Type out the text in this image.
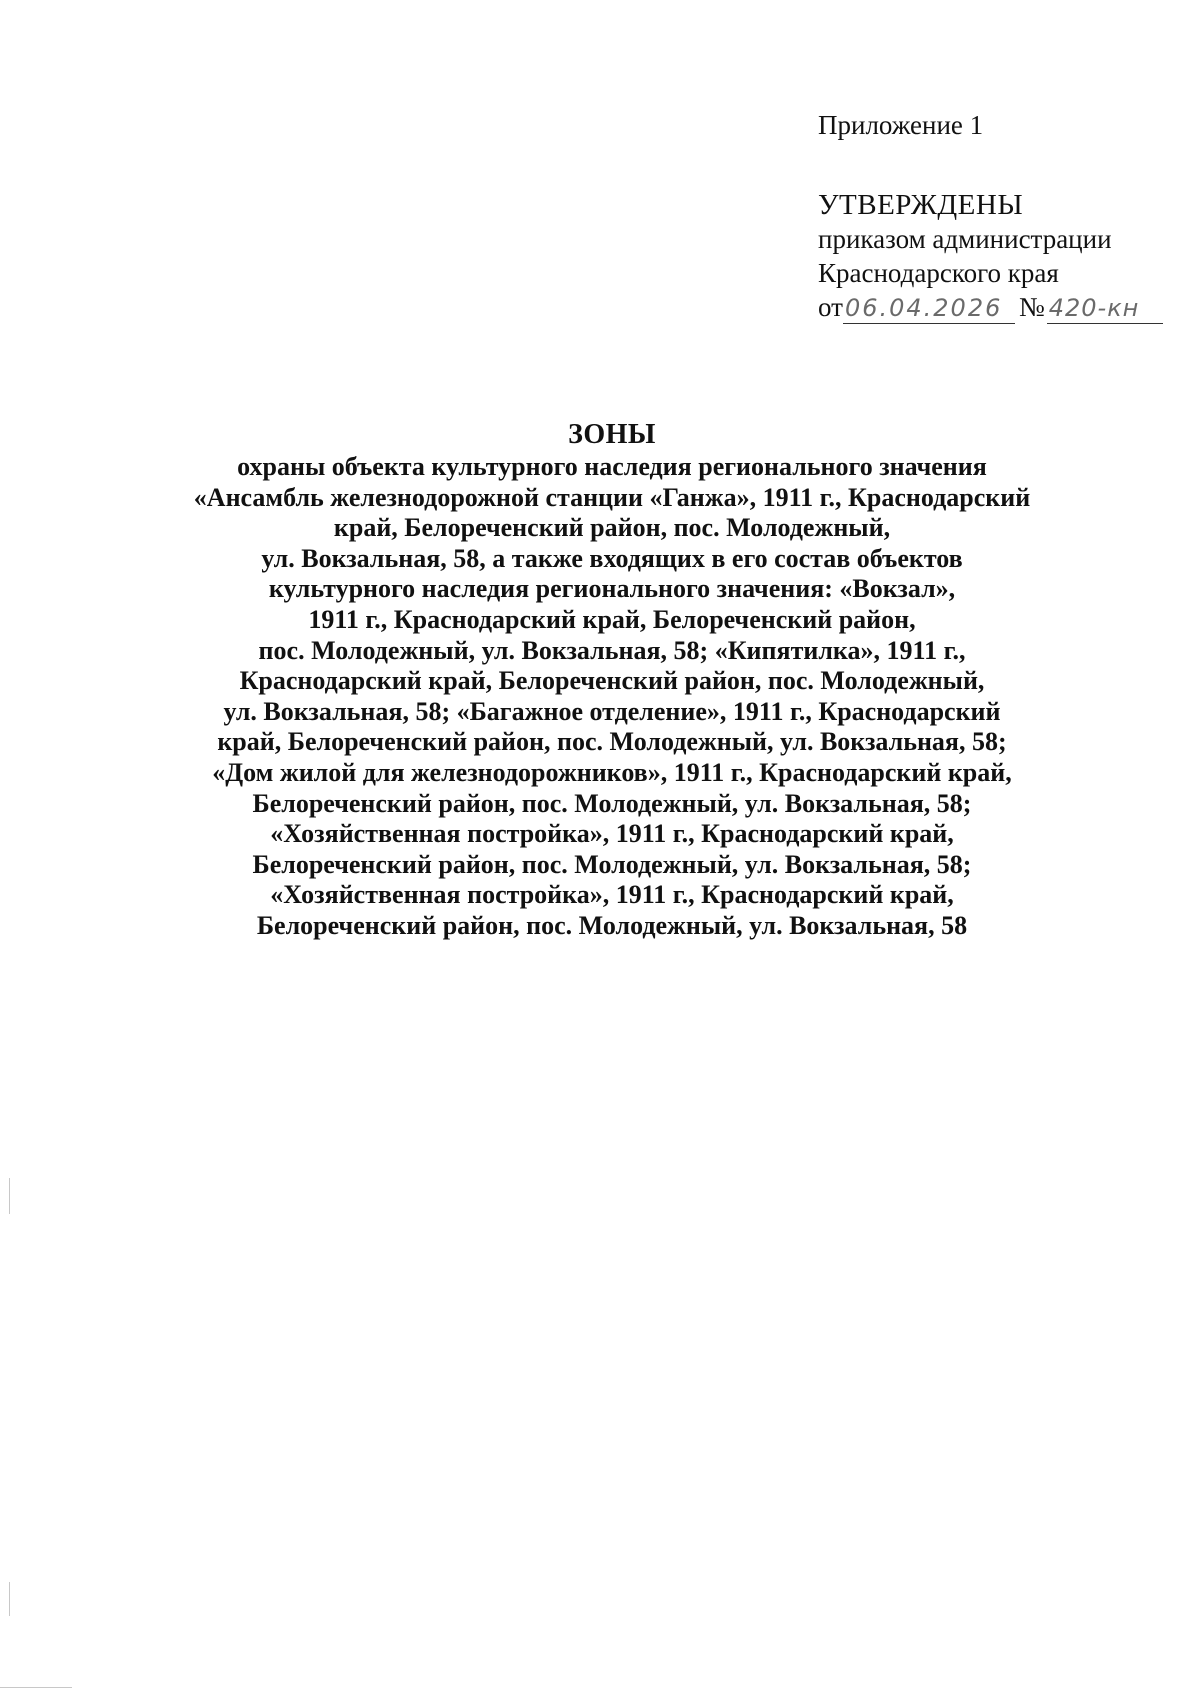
Приложение 1
УТВЕРЖДЕНЫ
приказом администрации
Краснодарского края
от 06.04.2026 № 420-кн
ЗОНЫ
охраны объекта культурного наследия регионального значения
«Ансамбль железнодорожной станции «Ганжа», 1911 г., Краснодарский
край, Белореченский район, пос. Молодежный,
ул. Вокзальная, 58, а также входящих в его состав объектов
культурного наследия регионального значения: «Вокзал»,
1911 г., Краснодарский край, Белореченский район,
пос. Молодежный, ул. Вокзальная, 58; «Кипятилка», 1911 г.,
Краснодарский край, Белореченский район, пос. Молодежный,
ул. Вокзальная, 58; «Багажное отделение», 1911 г., Краснодарский
край, Белореченский район, пос. Молодежный, ул. Вокзальная, 58;
«Дом жилой для железнодорожников», 1911 г., Краснодарский край,
Белореченский район, пос. Молодежный, ул. Вокзальная, 58;
«Хозяйственная постройка», 1911 г., Краснодарский край,
Белореченский район, пос. Молодежный, ул. Вокзальная, 58;
«Хозяйственная постройка», 1911 г., Краснодарский край,
Белореченский район, пос. Молодежный, ул. Вокзальная, 58
